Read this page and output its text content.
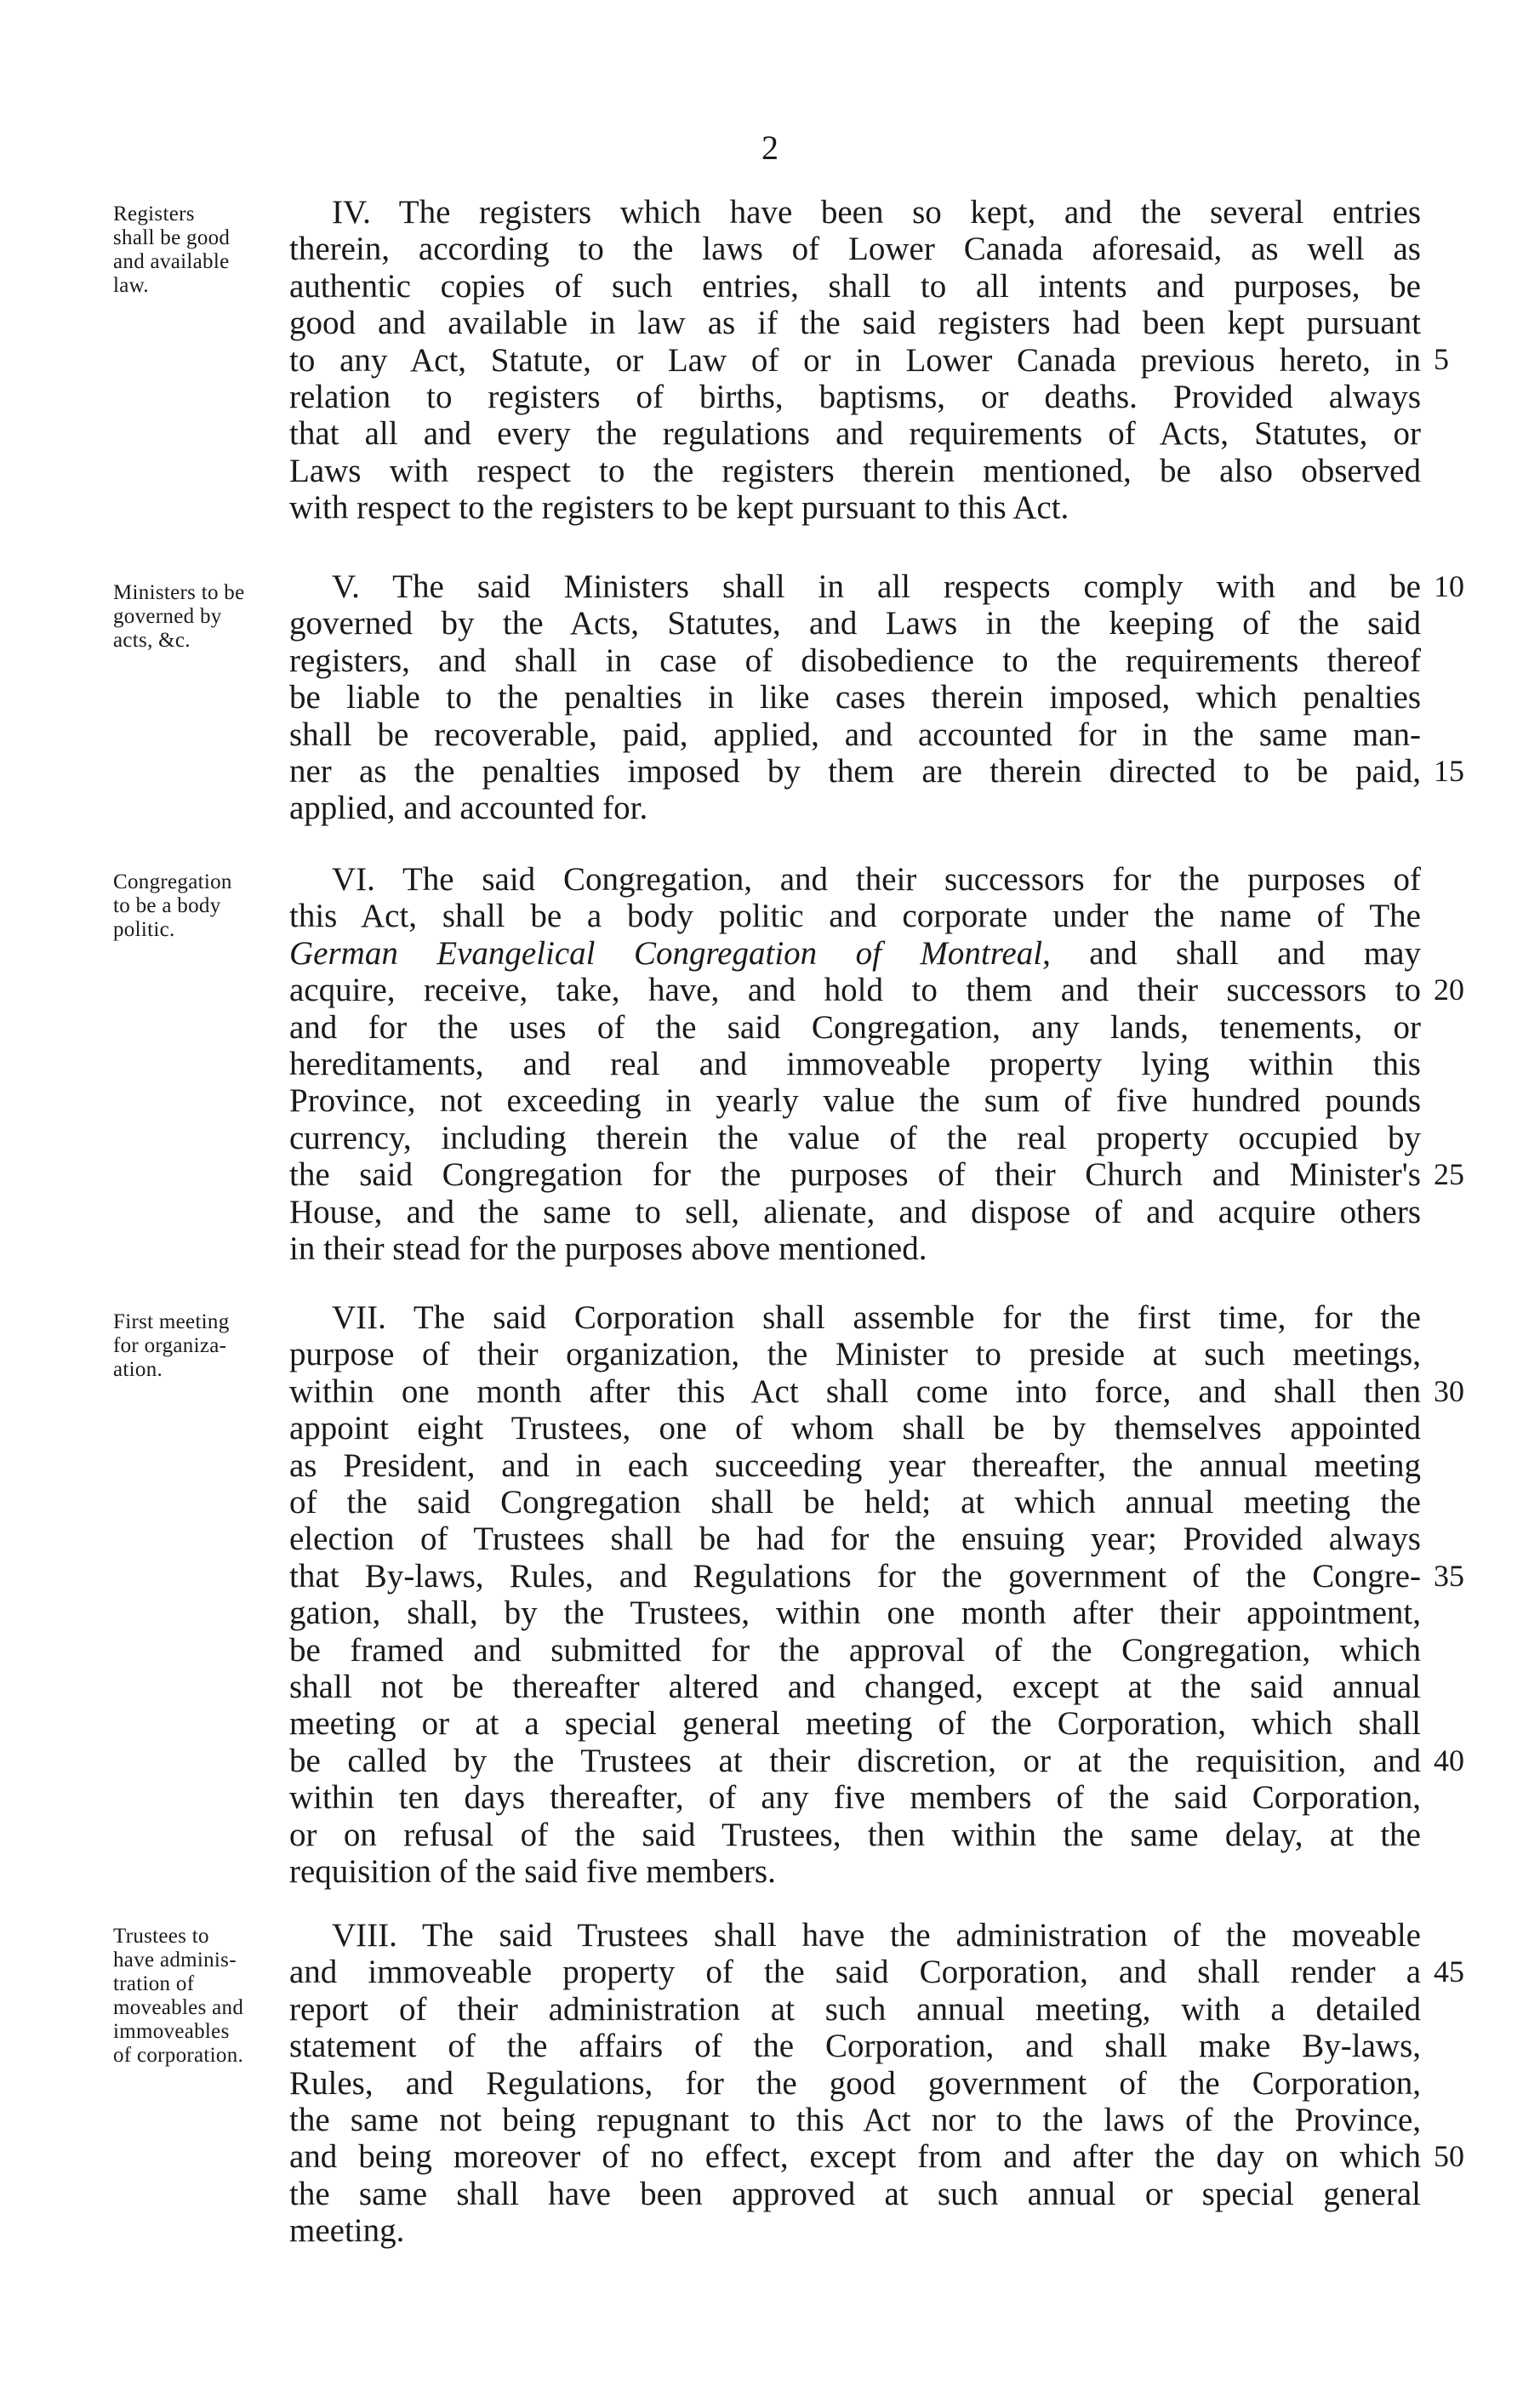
2
Registers
shall be good
and available
law.
IV. The registers which have been so kept, and the several entries
therein, according to the laws of Lower Canada aforesaid, as well as
authentic copies of such entries, shall to all intents and purposes, be
good and available in law as if the said registers had been kept pursuant
to any Act, Statute, or Law of or in Lower Canada previous hereto, in
relation to registers of births, baptisms, or deaths. Provided always
that all and every the regulations and requirements of Acts, Statutes, or
Laws with respect to the registers therein mentioned, be also observed
with respect to the registers to be kept pursuant to this Act.
Ministers to be
governed by
acts, &c.
V. The said Ministers shall in all respects comply with and be
governed by the Acts, Statutes, and Laws in the keeping of the said
registers, and shall in case of disobedience to the requirements thereof
be liable to the penalties in like cases therein imposed, which penalties
shall be recoverable, paid, applied, and accounted for in the same man-
ner as the penalties imposed by them are therein directed to be paid,
applied, and accounted for.
Congregation
to be a body
politic.
VI. The said Congregation, and their successors for the purposes of
this Act, shall be a body politic and corporate under the name of The
German Evangelical Congregation of Montreal, and shall and may
acquire, receive, take, have, and hold to them and their successors to
and for the uses of the said Congregation, any lands, tenements, or
hereditaments, and real and immoveable property lying within this
Province, not exceeding in yearly value the sum of five hundred pounds
currency, including therein the value of the real property occupied by
the said Congregation for the purposes of their Church and Minister's
House, and the same to sell, alienate, and dispose of and acquire others
in their stead for the purposes above mentioned.
First meeting
for organiza-
ation.
VII. The said Corporation shall assemble for the first time, for the
purpose of their organization, the Minister to preside at such meetings,
within one month after this Act shall come into force, and shall then
appoint eight Trustees, one of whom shall be by themselves appointed
as President, and in each succeeding year thereafter, the annual meeting
of the said Congregation shall be held; at which annual meeting the
election of Trustees shall be had for the ensuing year; Provided always
that By-laws, Rules, and Regulations for the government of the Congre-
gation, shall, by the Trustees, within one month after their appointment,
be framed and submitted for the approval of the Congregation, which
shall not be thereafter altered and changed, except at the said annual
meeting or at a special general meeting of the Corporation, which shall
be called by the Trustees at their discretion, or at the requisition, and
within ten days thereafter, of any five members of the said Corporation,
or on refusal of the said Trustees, then within the same delay, at the
requisition of the said five members.
Trustees to
have adminis-
tration of
moveables and
immoveables
of corporation.
VIII. The said Trustees shall have the administration of the moveable
and immoveable property of the said Corporation, and shall render a
report of their administration at such annual meeting, with a detailed
statement of the affairs of the Corporation, and shall make By-laws,
Rules, and Regulations, for the good government of the Corporation,
the same not being repugnant to this Act nor to the laws of the Province,
and being moreover of no effect, except from and after the day on which
the same shall have been approved at such annual or special general
meeting.
5
10
15
20
25
30
35
40
45
50
